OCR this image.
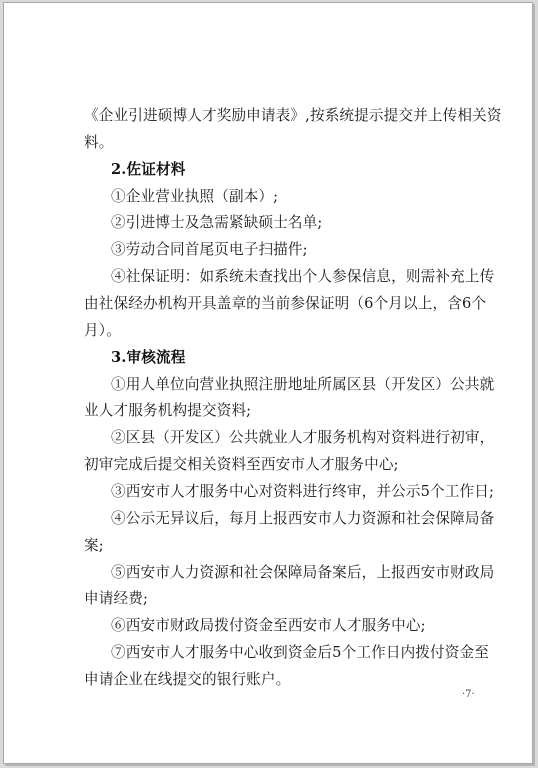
《企业引进硕博人才奖励申请表》,按系统提示提交并上传相关资
料。
2.佐证材料
①企业营业执照（副本）;
②引进博士及急需紧缺硕士名单;
③劳动合同首尾页电子扫描件;
④社保证明：如系统未查找出个人参保信息，则需补充上传
由社保经办机构开具盖章的当前参保证明（6个月以上，含6个
月）。
3.审核流程
①用人单位向营业执照注册地址所属区县（开发区）公共就
业人才服务机构提交资料;
②区县（开发区）公共就业人才服务机构对资料进行初审，
初审完成后提交相关资料至西安市人才服务中心;
③西安市人才服务中心对资料进行终审，并公示5个工作日;
④公示无异议后，每月上报西安市人力资源和社会保障局备
案;
⑤西安市人力资源和社会保障局备案后，上报西安市财政局
申请经费;
⑥西安市财政局拨付资金至西安市人才服务中心;
⑦西安市人才服务中心收到资金后5个工作日内拨付资金至
申请企业在线提交的银行账户。
·7·
